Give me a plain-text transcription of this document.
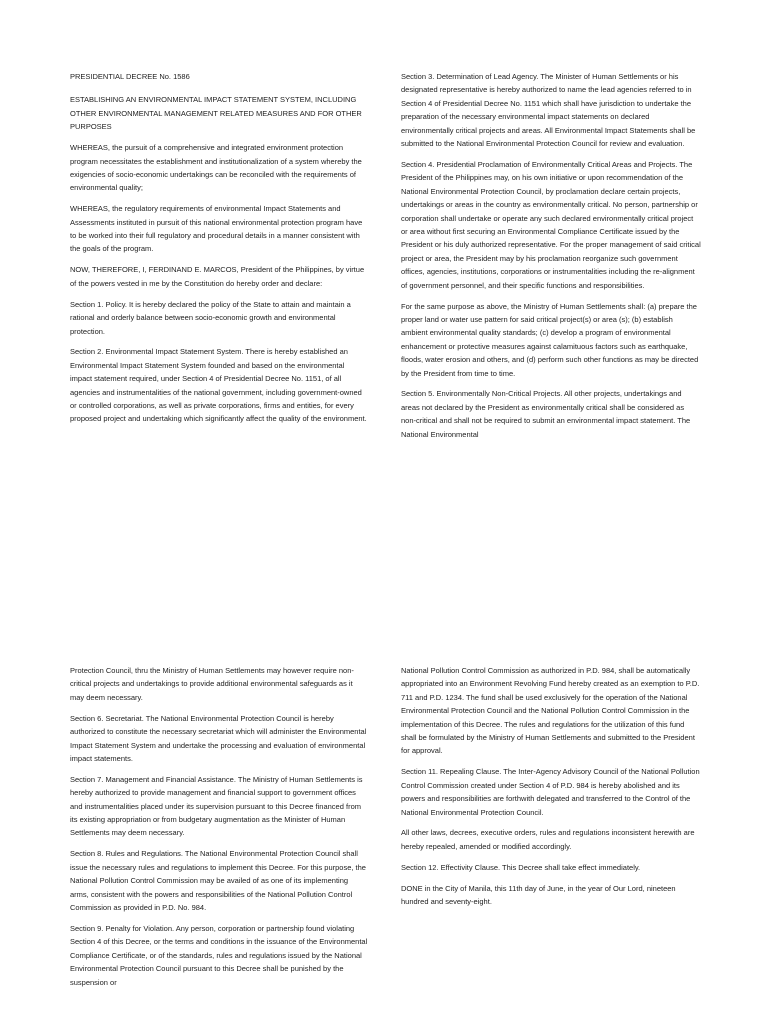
PRESIDENTIAL DECREE No. 1586

ESTABLISHING AN ENVIRONMENTAL IMPACT STATEMENT SYSTEM, INCLUDING OTHER ENVIRONMENTAL MANAGEMENT RELATED MEASURES AND FOR OTHER PURPOSES

WHEREAS, the pursuit of a comprehensive and integrated environment protection program necessitates the establishment and institutionalization of a system whereby the exigencies of socio-economic undertakings can be reconciled with the requirements of environmental quality;

WHEREAS, the regulatory requirements of environmental Impact Statements and Assessments instituted in pursuit of this national environmental protection program have to be worked into their full regulatory and procedural details in a manner consistent with the goals of the program.

NOW, THEREFORE, I, FERDINAND E. MARCOS, President of the Philippines, by virtue of the powers vested in me by the Constitution do hereby order and declare:

Section 1. Policy. It is hereby declared the policy of the State to attain and maintain a rational and orderly balance between socio-economic growth and environmental protection.

Section 2. Environmental Impact Statement System. There is hereby established an Environmental Impact Statement System founded and based on the environmental impact statement required, under Section 4 of Presidential Decree No. 1151, of all agencies and instrumentalities of the national government, including government-owned or controlled corporations, as well as private corporations, firms and entities, for every proposed project and undertaking which significantly affect the quality of the environment.

Section 3. Determination of Lead Agency. The Minister of Human Settlements or his designated representative is hereby authorized to name the lead agencies referred to in Section 4 of Presidential Decree No. 1151 which shall have jurisdiction to undertake the preparation of the necessary environmental impact statements on declared environmentally critical projects and areas. All Environmental Impact Statements shall be submitted to the National Environmental Protection Council for review and evaluation.

Section 4. Presidential Proclamation of Environmentally Critical Areas and Projects. The President of the Philippines may, on his own initiative or upon recommendation of the National Environmental Protection Council, by proclamation declare certain projects, undertakings or areas in the country as environmentally critical. No person, partnership or corporation shall undertake or operate any such declared environmentally critical project or area without first securing an Environmental Compliance Certificate issued by the President or his duly authorized representative. For the proper management of said critical project or area, the President may by his proclamation reorganize such government offices, agencies, institutions, corporations or instrumentalities including the re-alignment of government personnel, and their specific functions and responsibilities.

For the same purpose as above, the Ministry of Human Settlements shall: (a) prepare the proper land or water use pattern for said critical project(s) or area (s); (b) establish ambient environmental quality standards; (c) develop a program of environmental enhancement or protective measures against calamituous factors such as earthquake, floods, water erosion and others, and (d) perform such other functions as may be directed by the President from time to time.

Section 5. Environmentally Non-Critical Projects. All other projects, undertakings and areas not declared by the President as environmentally critical shall be considered as non-critical and shall not be required to submit an environmental impact statement. The National Environmental

Protection Council, thru the Ministry of Human Settlements may however require non-critical projects and undertakings to provide additional environmental safeguards as it may deem necessary.

Section 6. Secretariat. The National Environmental Protection Council is hereby authorized to constitute the necessary secretariat which will administer the Environmental Impact Statement System and undertake the processing and evaluation of environmental impact statements.

Section 7. Management and Financial Assistance. The Ministry of Human Settlements is hereby authorized to provide management and financial support to government offices and instrumentalities placed under its supervision pursuant to this Decree financed from its existing appropriation or from budgetary augmentation as the Minister of Human Settlements may deem necessary.

Section 8. Rules and Regulations. The National Environmental Protection Council shall issue the necessary rules and regulations to implement this Decree. For this purpose, the National Pollution Control Commission may be availed of as one of its implementing arms, consistent with the powers and responsibilities of the National Pollution Control Commission as provided in P.D. No. 984.

Section 9. Penalty for Violation. Any person, corporation or partnership found violating Section 4 of this Decree, or the terms and conditions in the issuance of the Environmental Compliance Certificate, or of the standards, rules and regulations issued by the National Environmental Protection Council pursuant to this Decree shall be punished by the suspension or

National Pollution Control Commission as authorized in P.D. 984, shall be automatically appropriated into an Environment Revolving Fund hereby created as an exemption to P.D. 711 and P.D. 1234. The fund shall be used exclusively for the operation of the National Environmental Protection Council and the National Pollution Control Commission in the implementation of this Decree. The rules and regulations for the utilization of this fund shall be formulated by the Ministry of Human Settlements and submitted to the President for approval.

Section 11. Repealing Clause. The Inter-Agency Advisory Council of the National Pollution Control Commission created under Section 4 of P.D. 984 is hereby abolished and its powers and responsibilities are forthwith delegated and transferred to the Control of the National Environmental Protection Council.

All other laws, decrees, executive orders, rules and regulations inconsistent herewith are hereby repealed, amended or modified accordingly.

Section 12. Effectivity Clause. This Decree shall take effect immediately.

DONE in the City of Manila, this 11th day of June, in the year of Our Lord, nineteen hundred and seventy-eight.
